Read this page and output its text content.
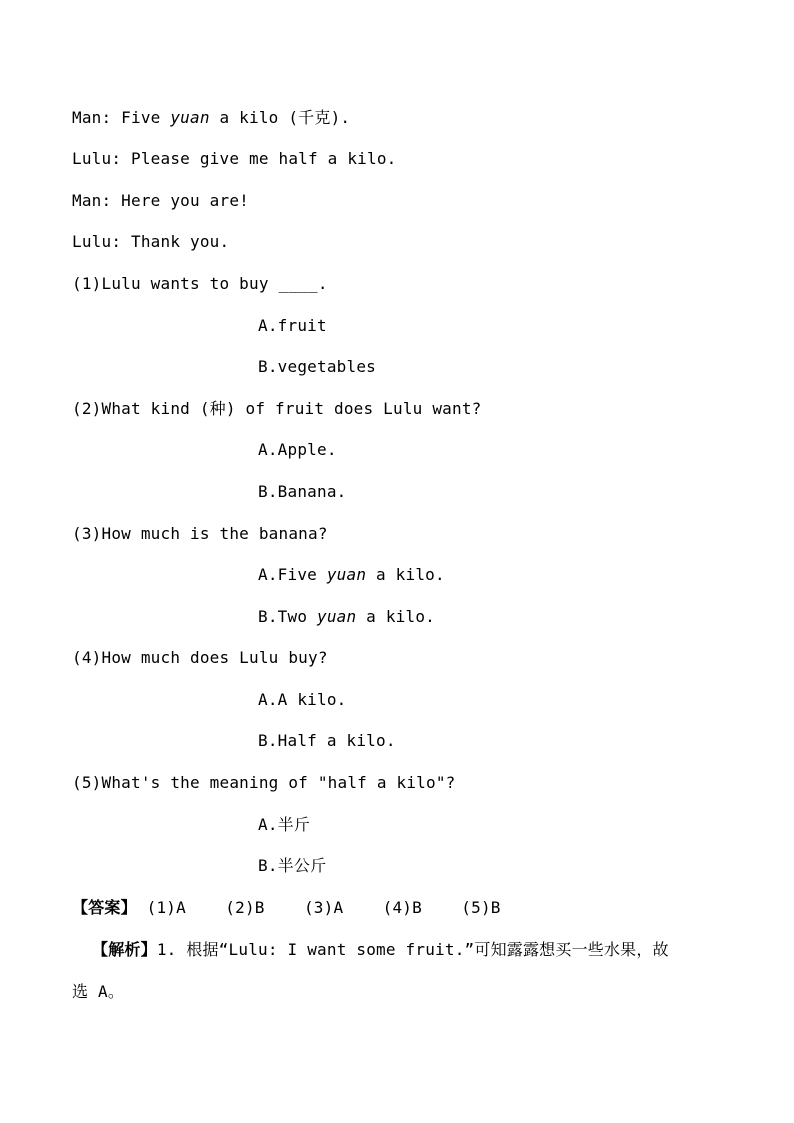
Man: Five yuan a kilo (千克).
Lulu: Please give me half a kilo.
Man: Here you are!
Lulu: Thank you.
(1)Lulu wants to buy ____.
A.fruit
B.vegetables
(2)What kind (种) of fruit does Lulu want?
A.Apple.
B.Banana.
(3)How much is the banana?
A.Five yuan a kilo.
B.Two yuan a kilo.
(4)How much does Lulu buy?
A.A kilo.
B.Half a kilo.
(5)What's the meaning of "half a kilo"?
A.半斤
B.半公斤
【答案】 (1)A    (2)B    (3)A    (4)B    (5)B
【解析】1. 根据“Lulu: I want some fruit.”可知露露想买一些水果，故
选 A。
